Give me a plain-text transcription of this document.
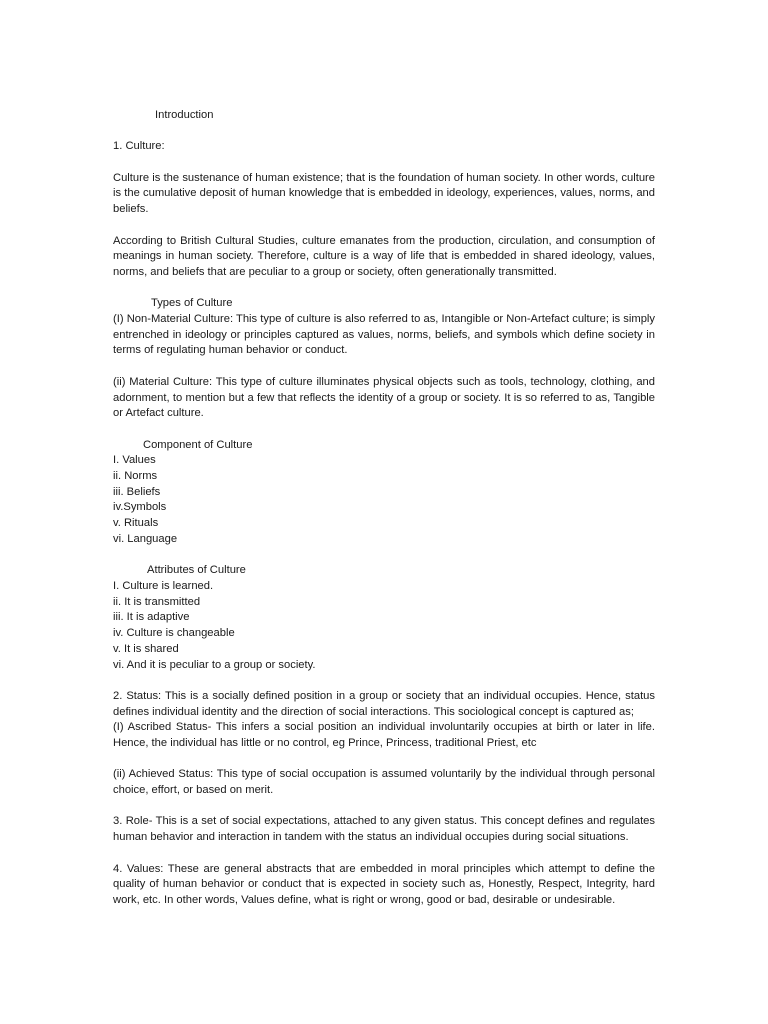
Introduction

1. Culture:

Culture is the sustenance of human existence; that is the foundation of human society. In other words, culture is the cumulative deposit of human knowledge that is embedded in ideology, experiences, values, norms, and beliefs.

According to British Cultural Studies, culture emanates from the production, circulation, and consumption of meanings in human society. Therefore, culture is a way of life that is embedded in shared ideology, values, norms, and beliefs that are peculiar to a group or society, often generationally transmitted.

Types of Culture

(I) Non-Material Culture: This type of culture is also referred to as, Intangible or Non-Artefact culture; is simply entrenched in ideology or principles captured as values, norms, beliefs, and symbols which define society in terms of regulating human behavior or conduct.

(ii) Material Culture: This type of culture illuminates physical objects such as tools, technology, clothing, and adornment, to mention but a few that reflects the identity of a group or society. It is so referred to as, Tangible or Artefact culture.

Component of Culture

I. Values
ii. Norms
iii. Beliefs
iv.Symbols
v. Rituals
vi. Language

Attributes of Culture

I. Culture is learned.
ii. It is transmitted
iii. It is adaptive
iv. Culture is changeable
v. It is shared
vi. And it is peculiar to a group or society.

2. Status: This is a socially defined position in a group or society that an individual occupies. Hence, status defines individual identity and the direction of social interactions. This sociological concept is captured as;

(I) Ascribed Status- This infers a social position an individual involuntarily occupies at birth or later in life. Hence, the individual has little or no control, eg Prince, Princess, traditional Priest, etc

(ii) Achieved Status: This type of social occupation is assumed voluntarily by the individual through personal choice, effort, or based on merit.

3. Role- This is a set of social expectations, attached to any given status. This concept defines and regulates human behavior and interaction in tandem with the status an individual occupies during social situations.

4. Values: These are general abstracts that are embedded in moral principles which attempt to define the quality of human behavior or conduct that is expected in society such as, Honestly, Respect, Integrity, hard work, etc. In other words, Values define, what is right or wrong, good or bad, desirable or undesirable.
